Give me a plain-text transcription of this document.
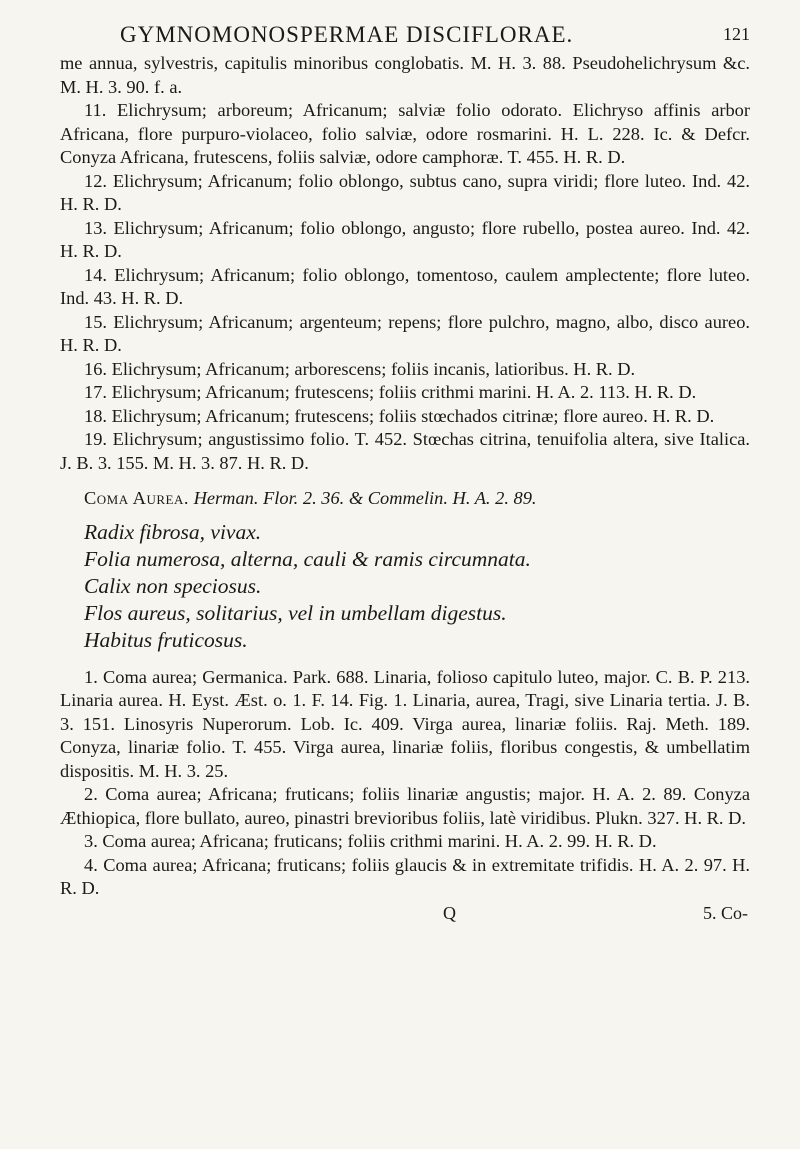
GYMNOMONOSPERMAE DISCIFLORAE.	121

me annua, sylvestris, capitulis minoribus conglobatis. M. H. 3. 88. Pseudohelichrysum &c. M. H. 3. 90. f. a.

11. Elichrysum; arboreum; Africanum; salviæ folio odorato. Elichryso affinis arbor Africana, flore purpuro-violaceo, folio salviæ, odore rosmarini. H. L. 228. Ic. & Defcr. Conyza Africana, frutescens, foliis salviæ, odore camphoræ. T. 455. H. R. D.

12. Elichrysum; Africanum; folio oblongo, subtus cano, supra viridi; flore luteo. Ind. 42. H. R. D.

13. Elichrysum; Africanum; folio oblongo, angusto; flore rubello, postea aureo. Ind. 42. H. R. D.

14. Elichrysum; Africanum; folio oblongo, tomentoso, caulem amplectente; flore luteo. Ind. 43. H. R. D.

15. Elichrysum; Africanum; argenteum; repens; flore pulchro, magno, albo, disco aureo. H. R. D.

16. Elichrysum; Africanum; arborescens; foliis incanis, latioribus. H. R. D.

17. Elichrysum; Africanum; frutescens; foliis crithmi marini. H. A. 2. 113. H. R. D.

18. Elichrysum; Africanum; frutescens; foliis stœchados citrinæ; flore aureo. H. R. D.

19. Elichrysum; angustissimo folio. T. 452. Stœchas citrina, tenuifolia altera, sive Italica. J. B. 3. 155. M. H. 3. 87. H. R. D.

Coma Aurea. Herman. Flor. 2. 36. & Commelin. H. A. 2. 89.

Radix fibrosa, vivax.

Folia numerosa, alterna, cauli & ramis circumnata.

Calix non speciosus.

Flos aureus, solitarius, vel in umbellam digestus.

Habitus fruticosus.

1. Coma aurea; Germanica. Park. 688. Linaria, folioso capitulo luteo, major. C. B. P. 213. Linaria aurea. H. Eyst. Æst. o. 1. F. 14. Fig. 1. Linaria, aurea, Tragi, sive Linaria tertia. J. B. 3. 151. Linosyris Nuperorum. Lob. Ic. 409. Virga aurea, linariæ foliis. Raj. Meth. 189. Conyza, linariæ folio. T. 455. Virga aurea, linariæ foliis, floribus congestis, & umbellatim dispositis. M. H. 3. 25.

2. Coma aurea; Africana; fruticans; foliis linariæ angustis; major. H. A. 2. 89. Conyza Æthiopica, flore bullato, aureo, pinastri brevioribus foliis, latè viridibus. Plukn. 327. H. R. D.

3. Coma aurea; Africana; fruticans; foliis crithmi marini. H. A. 2. 99. H. R. D.

4. Coma aurea; Africana; fruticans; foliis glaucis & in extremitate trifidis. H. A. 2. 97. H. R. D.

Q	5. Co-
